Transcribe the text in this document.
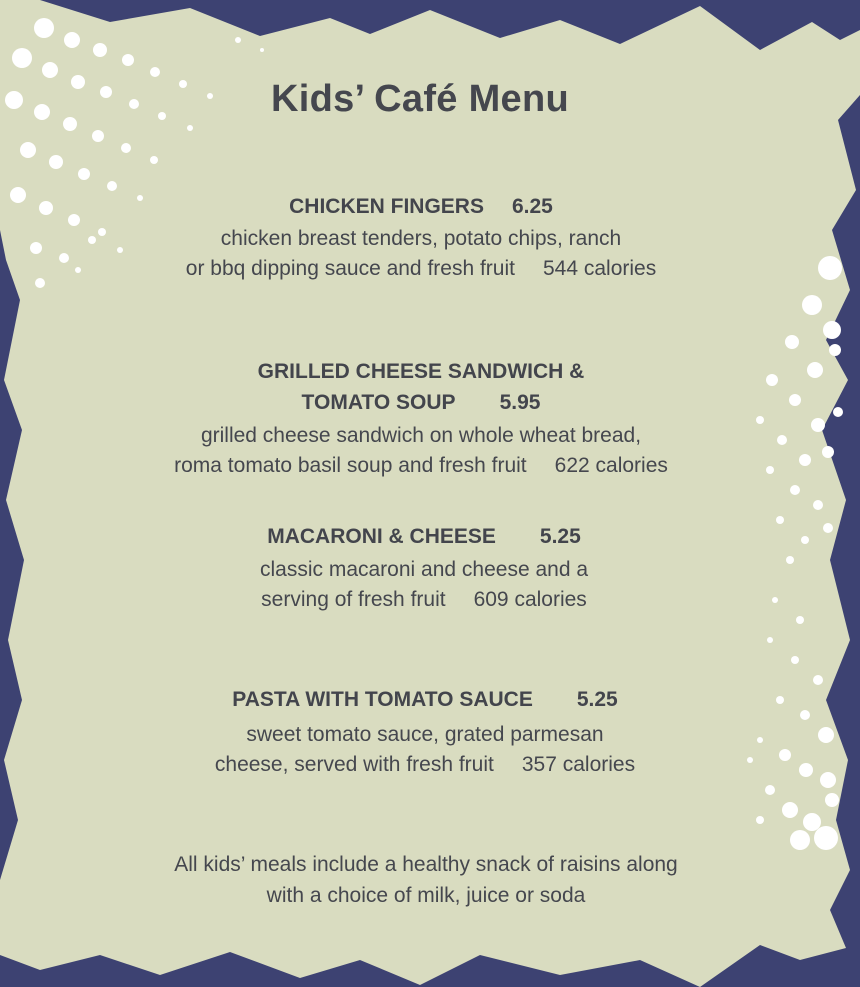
Kids’ Café Menu
CHICKEN FINGERS 6.25
chicken breast tenders, potato chips, ranch
or bbq dipping sauce and fresh fruit 544 calories
GRILLED CHEESE SANDWICH &
TOMATO SOUP 5.95
grilled cheese sandwich on whole wheat bread,
roma tomato basil soup and fresh fruit 622 calories
MACARONI & CHEESE 5.25
classic macaroni and cheese and a
serving of fresh fruit 609 calories
PASTA WITH TOMATO SAUCE 5.25
sweet tomato sauce, grated parmesan
cheese, served with fresh fruit 357 calories
All kids’ meals include a healthy snack of raisins along
with a choice of milk, juice or soda
